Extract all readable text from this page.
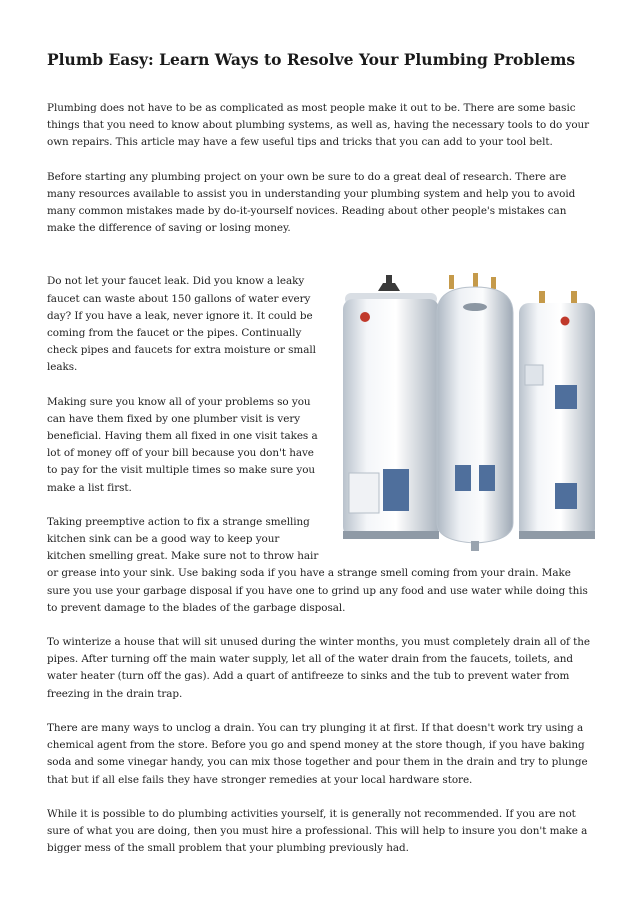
Plumb Easy: Learn Ways to Resolve Your Plumbing Problems

Plumbing does not have to be as complicated as most people make it out to be. There are some basic things that you need to know about plumbing systems, as well as, having the necessary tools to do your own repairs. This article may have a few useful tips and tricks that you can add to your tool belt.

Before starting any plumbing project on your own be sure to do a great deal of research. There are many resources available to assist you in understanding your plumbing system and help you to avoid many common mistakes made by do-it-yourself novices. Reading about other people's mistakes can make the difference of saving or losing money.

Do not let your faucet leak. Did you know a leaky faucet can waste about 150 gallons of water every day? If you have a leak, never ignore it. It could be coming from the faucet or the pipes. Continually check pipes and faucets for extra moisture or small leaks.

Making sure you know all of your problems so you can have them fixed by one plumber visit is very beneficial. Having them all fixed in one visit takes a lot of money off of your bill because you don't have to pay for the visit multiple times so make sure you make a list first.

Taking preemptive action to fix a strange smelling kitchen sink can be a good way to keep your kitchen smelling great. Make sure not to throw hair or grease into your sink. Use baking soda if you have a strange smell coming from your drain. Make sure you use your garbage disposal if you have one to grind up any food and use water while doing this to prevent damage to the blades of the garbage disposal.

To winterize a house that will sit unused during the winter months, you must completely drain all of the pipes. After turning off the main water supply, let all of the water drain from the faucets, toilets, and water heater (turn off the gas). Add a quart of antifreeze to sinks and the tub to prevent water from freezing in the drain trap.

There are many ways to unclog a drain. You can try plunging it at first. If that doesn't work try using a chemical agent from the store. Before you go and spend money at the store though, if you have baking soda and some vinegar handy, you can mix those together and pour them in the drain and try to plunge that but if all else fails they have stronger remedies at your local hardware store.

While it is possible to do plumbing activities yourself, it is generally not recommended. If you are not sure of what you are doing, then you must hire a professional. This will help to insure you don't make a bigger mess of the small problem that your plumbing previously had.
